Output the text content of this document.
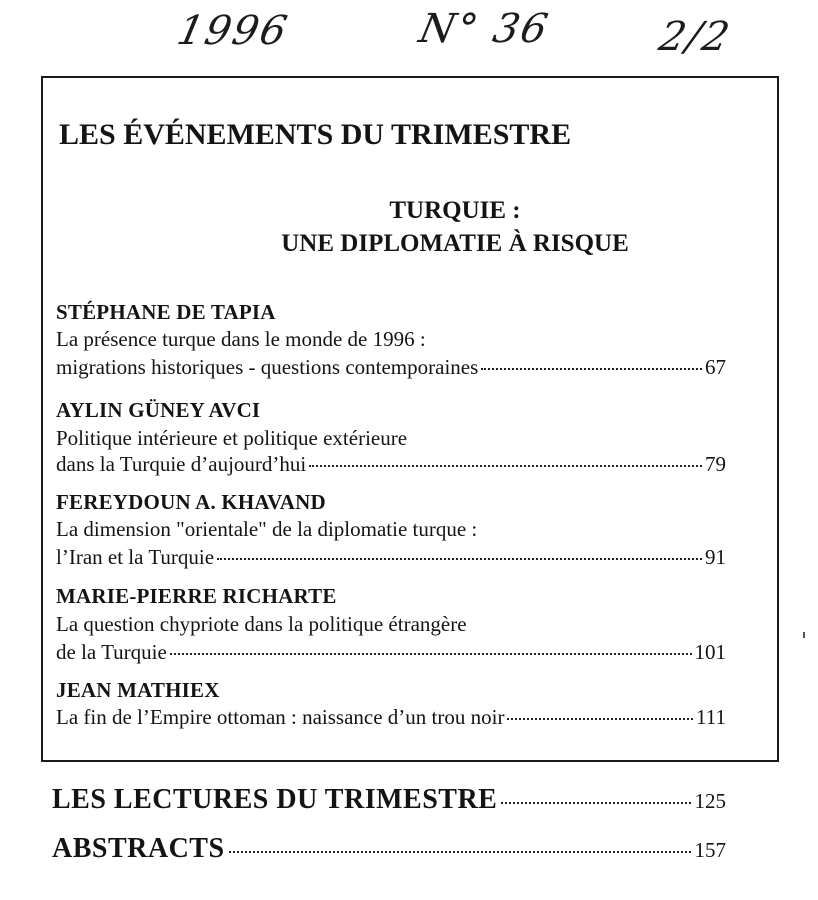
1996	N° 36	2/2
LES ÉVÉNEMENTS DU TRIMESTRE
TURQUIE :
UNE DIPLOMATIE À RISQUE
STÉPHANE DE TAPIA
La présence turque dans le monde de 1996 :
migrations historiques - questions contemporaines	67
AYLIN GÜNEY AVCI
Politique intérieure et politique extérieure
dans la Turquie d’aujourd’hui	79
FEREYDOUN A. KHAVAND
La dimension "orientale" de la diplomatie turque :
l’Iran et la Turquie	91
MARIE-PIERRE RICHARTE
La question chypriote dans la politique étrangère
de la Turquie	101
JEAN MATHIEX
La fin de l’Empire ottoman : naissance d’un trou noir	111
LES LECTURES DU TRIMESTRE	125
ABSTRACTS	157
